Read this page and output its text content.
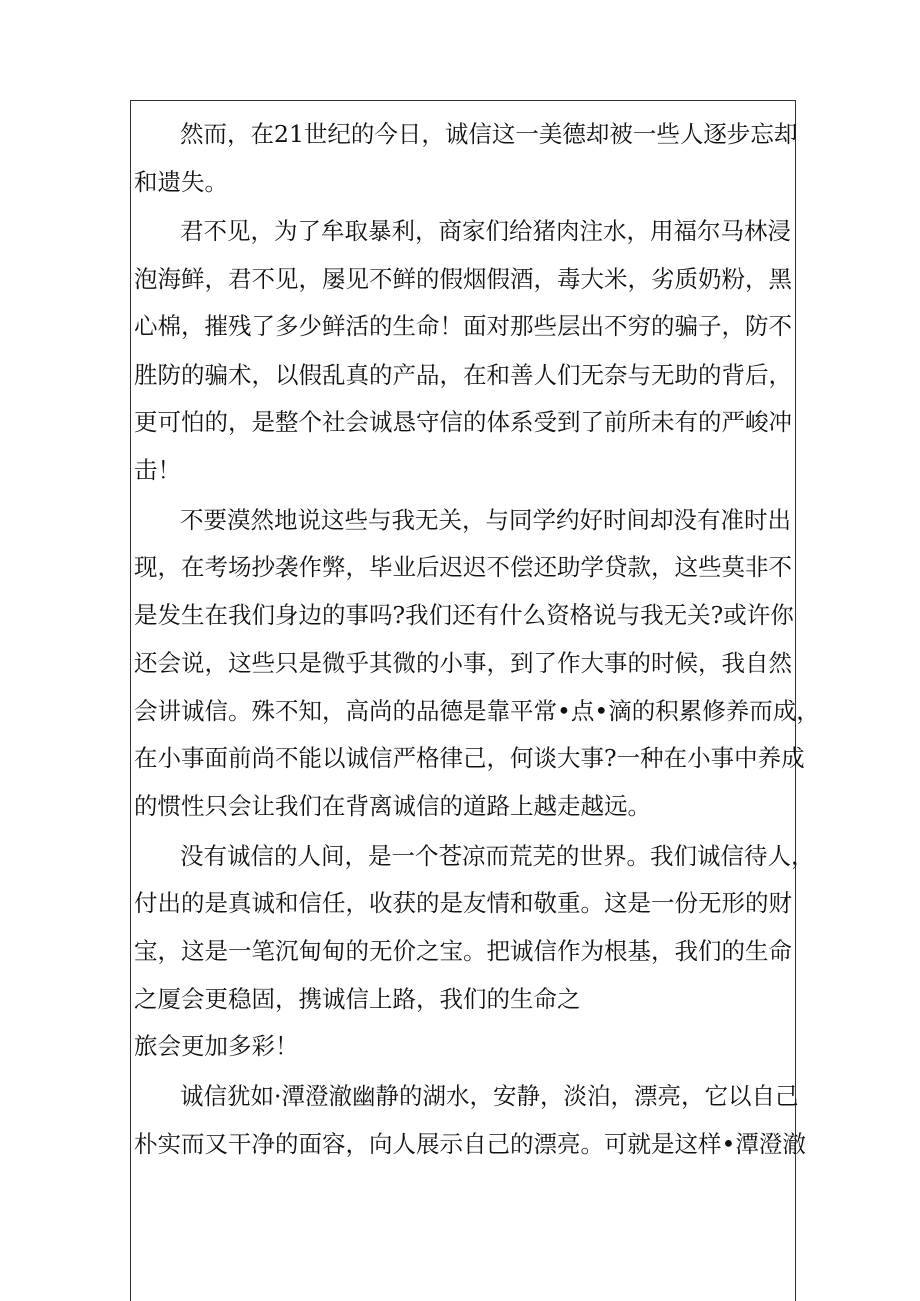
然而，在21世纪的今日，诚信这一美德却被一些人逐步忘却
和遗失。
君不见，为了牟取暴利，商家们给猪肉注水，用福尔马林浸
泡海鲜，君不见，屡见不鲜的假烟假酒，毒大米，劣质奶粉，黑
心棉，摧残了多少鲜活的生命！面对那些层出不穷的骗子，防不
胜防的骗术，以假乱真的产品，在和善人们无奈与无助的背后，
更可怕的，是整个社会诚恳守信的体系受到了前所未有的严峻冲
击！
不要漠然地说这些与我无关，与同学约好时间却没有准时出
现，在考场抄袭作弊，毕业后迟迟不偿还助学贷款，这些莫非不
是发生在我们身边的事吗?我们还有什么资格说与我无关?或许你
还会说，这些只是微乎其微的小事，到了作大事的时候，我自然
会讲诚信。殊不知，高尚的品德是靠平常•点•滴的积累修养而成，
在小事面前尚不能以诚信严格律己，何谈大事?一种在小事中养成
的惯性只会让我们在背离诚信的道路上越走越远。
没有诚信的人间，是一个苍凉而荒芜的世界。我们诚信待人，
付出的是真诚和信任，收获的是友情和敬重。这是一份无形的财
宝，这是一笔沉甸甸的无价之宝。把诚信作为根基，我们的生命
之厦会更稳固，携诚信上路，我们的生命之
旅会更加多彩！
诚信犹如·潭澄澈幽静的湖水，安静，淡泊，漂亮，它以自己
朴实而又干净的面容，向人展示自己的漂亮。可就是这样•潭澄澈
